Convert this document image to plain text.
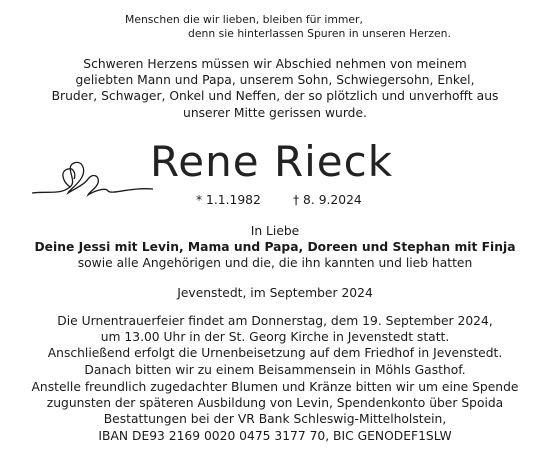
Menschen die wir lieben, bleiben für immer,
denn sie hinterlassen Spuren in unseren Herzen.
Schweren Herzens müssen wir Abschied nehmen von meinem
geliebten Mann und Papa, unserem Sohn, Schwiegersohn, Enkel,
Bruder, Schwager, Onkel und Neffen, der so plötzlich und unverhofft aus
unserer Mitte gerissen wurde.
Rene Rieck
* 1.1.1982	† 8. 9.2024
In Liebe
Deine Jessi mit Levin, Mama und Papa, Doreen und Stephan mit Finja
sowie alle Angehörigen und die, die ihn kannten und lieb hatten
Jevenstedt, im September 2024
Die Urnentrauerfeier findet am Donnerstag, dem 19. September 2024,
um 13.00 Uhr in der St. Georg Kirche in Jevenstedt statt.
Anschließend erfolgt die Urnenbeisetzung auf dem Friedhof in Jevenstedt.
Danach bitten wir zu einem Beisammensein in Möhls Gasthof.
Anstelle freundlich zugedachter Blumen und Kränze bitten wir um eine Spende
zugunsten der späteren Ausbildung von Levin, Spendenkonto über Spoida
Bestattungen bei der VR Bank Schleswig-Mittelholstein,
IBAN DE93 2169 0020 0475 3177 70, BIC GENODEF1SLW
